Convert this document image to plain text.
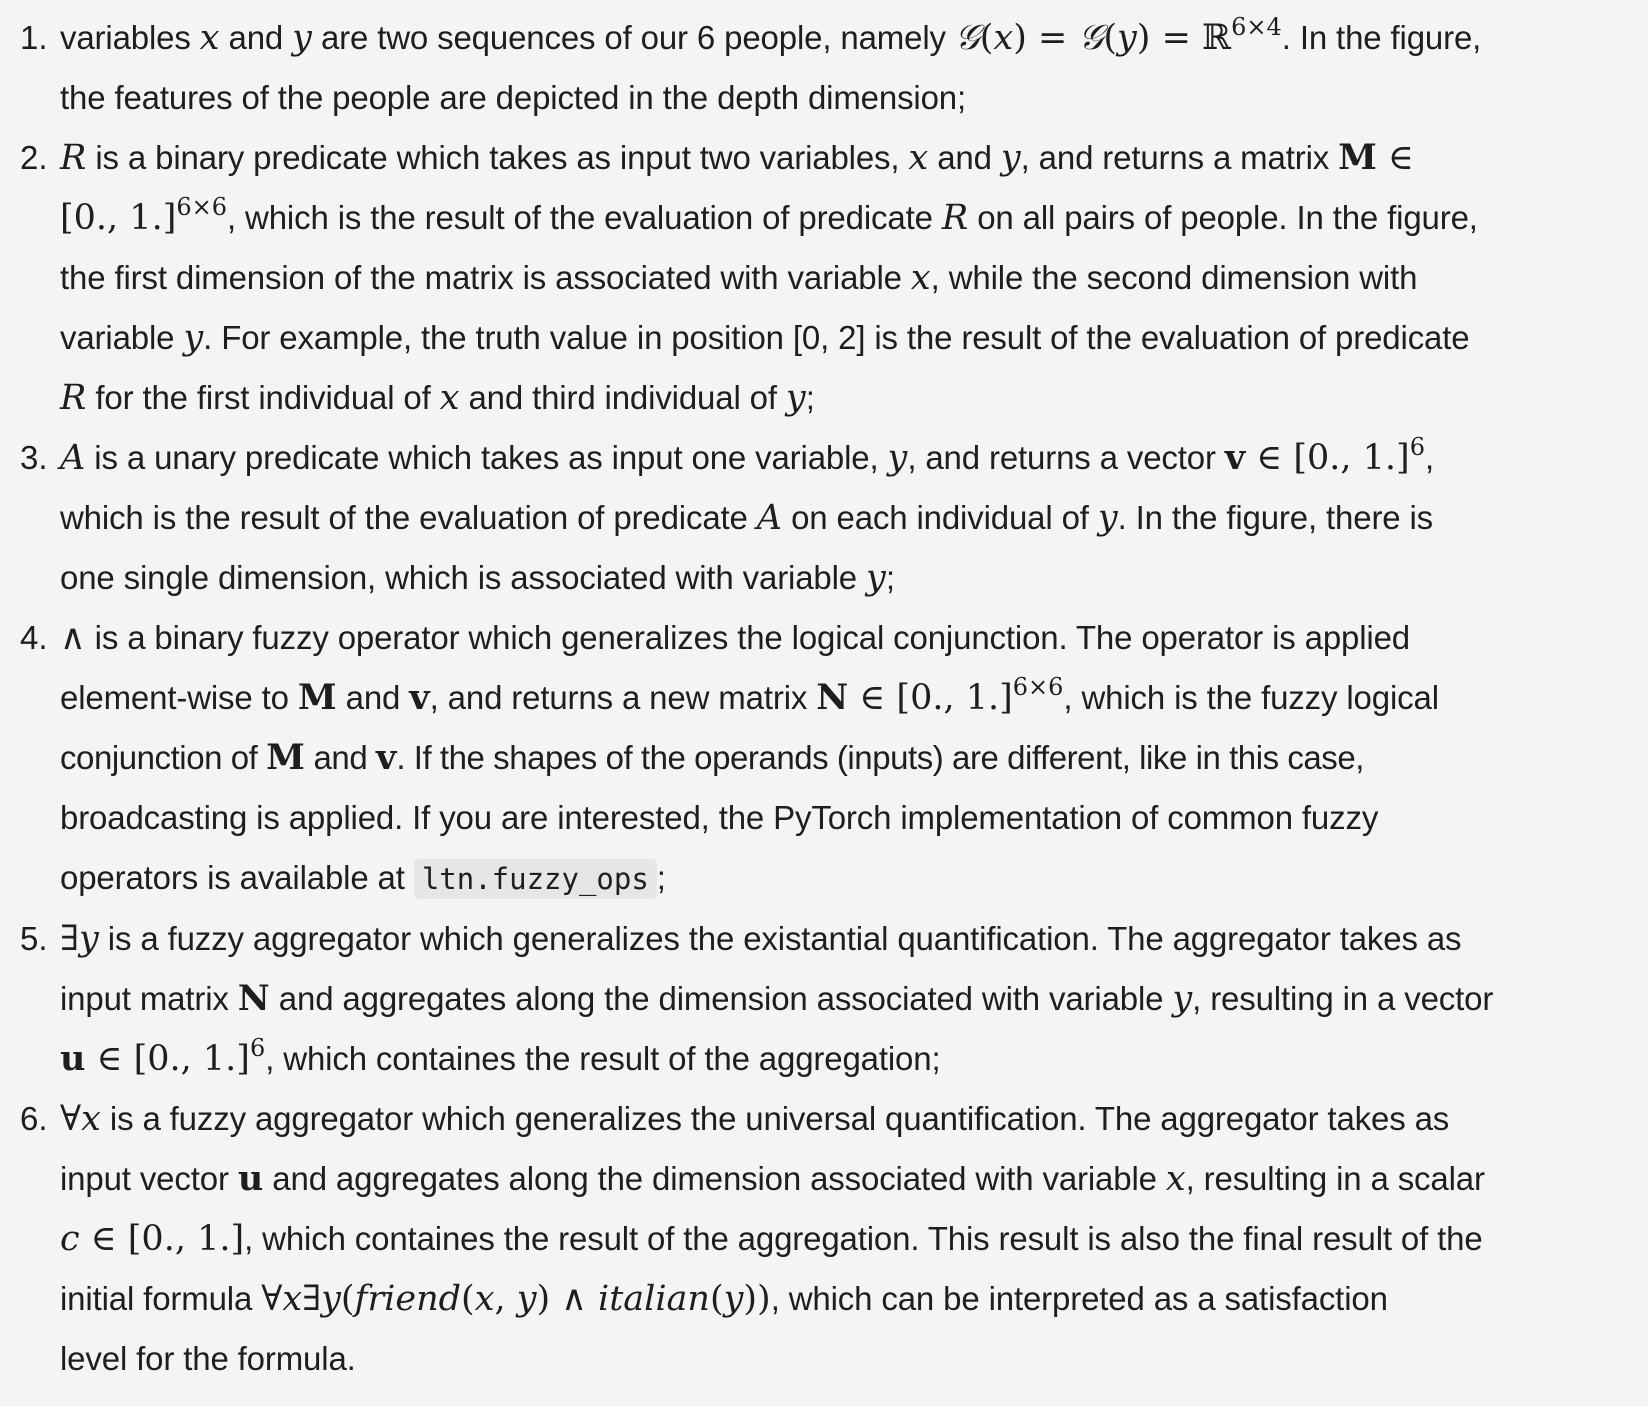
1. variables x and y are two sequences of our 6 people, namely 𝒢(x) = 𝒢(y) = ℝ$^{6\times 4}$. In the figure,
the features of the people are depicted in the depth dimension;
2. R is a binary predicate which takes as input two variables, x and y, and returns a matrix M ∈
[0., 1.]$^{6\times 6}$, which is the result of the evaluation of predicate R on all pairs of people. In the figure,
the first dimension of the matrix is associated with variable x, while the second dimension with
variable y. For example, the truth value in position [0, 2] is the result of the evaluation of predicate
R for the first individual of x and third individual of y;
3. A is a unary predicate which takes as input one variable, y, and returns a vector v ∈ [0., 1.]$^6$,
which is the result of the evaluation of predicate A on each individual of y. In the figure, there is
one single dimension, which is associated with variable y;
4. ∧ is a binary fuzzy operator which generalizes the logical conjunction. The operator is applied
element-wise to M and v, and returns a new matrix N ∈ [0., 1.]$^{6\times 6}$, which is the fuzzy logical
conjunction of M and v. If the shapes of the operands (inputs) are different, like in this case,
broadcasting is applied. If you are interested, the PyTorch implementation of common fuzzy
operators is available at ltn.fuzzy_ops ;
5. ∃y is a fuzzy aggregator which generalizes the existantial quantification. The aggregator takes as
input matrix N and aggregates along the dimension associated with variable y, resulting in a vector
u ∈ [0., 1.]$^6$, which containes the result of the aggregation;
6. ∀x is a fuzzy aggregator which generalizes the universal quantification. The aggregator takes as
input vector u and aggregates along the dimension associated with variable x, resulting in a scalar
c ∈ [0., 1.], which containes the result of the aggregation. This result is also the final result of the
initial formula ∀x∃y(friend(x, y) ∧ italian(y)), which can be interpreted as a satisfaction
level for the formula.
